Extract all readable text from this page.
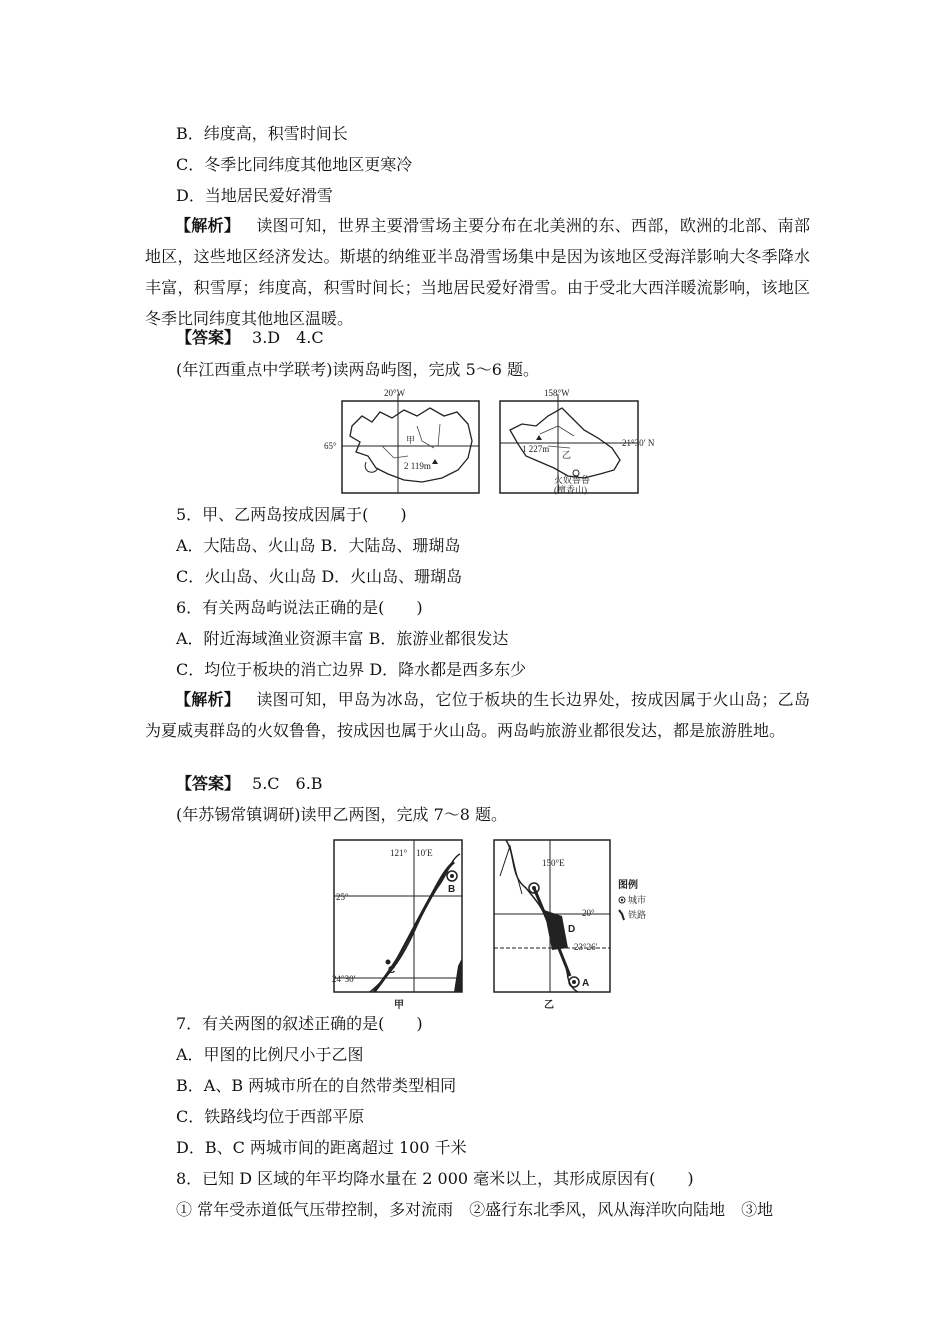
B．纬度高，积雪时间长
C．冬季比同纬度其他地区更寒冷
D．当地居民爱好滑雪
【解析】 读图可知，世界主要滑雪场主要分布在北美洲的东、西部，欧洲的北部、南部地区，这些地区经济发达。斯堪的纳维亚半岛滑雪场集中是因为该地区受海洋影响大冬季降水丰富，积雪厚；纬度高，积雪时间长；当地居民爱好滑雪。由于受北大西洋暖流影响，该地区冬季比同纬度其他地区温暖。
【答案】 3.D　4.C
(年江西重点中学联考)读两岛屿图，完成 5～6 题。
20°W
65°
甲
2 119m
158°W
21°30′ N
1 227m
乙
火奴鲁鲁
(檀香山)
5．甲、乙两岛按成因属于(　　)
A．大陆岛、火山岛 B．大陆岛、珊瑚岛
C．火山岛、火山岛 D．火山岛、珊瑚岛
6．有关两岛屿说法正确的是(　　)
A．附近海域渔业资源丰富 B．旅游业都很发达
C．均位于板块的消亡边界 D．降水都是西多东少
【解析】 读图可知，甲岛为冰岛，它位于板块的生长边界处，按成因属于火山岛；乙岛为夏威夷群岛的火奴鲁鲁，按成因也属于火山岛。两岛屿旅游业都很发达，都是旅游胜地。
【答案】 5.C　6.B
(年苏锡常镇调研)读甲乙两图，完成 7～8 题。
121°　10′E
25°
24°30′
B
C
甲
150°E
20°
23°26′
D
A
乙
图例
城市
铁路
7．有关两图的叙述正确的是(　　)
A．甲图的比例尺小于乙图
B．A、B 两城市所在的自然带类型相同
C．铁路线均位于西部平原
D．B、C 两城市间的距离超过 100 千米
8．已知 D 区域的年平均降水量在 2 000 毫米以上，其形成原因有(　　)
① 常年受赤道低气压带控制，多对流雨　②盛行东北季风，风从海洋吹向陆地　③地
